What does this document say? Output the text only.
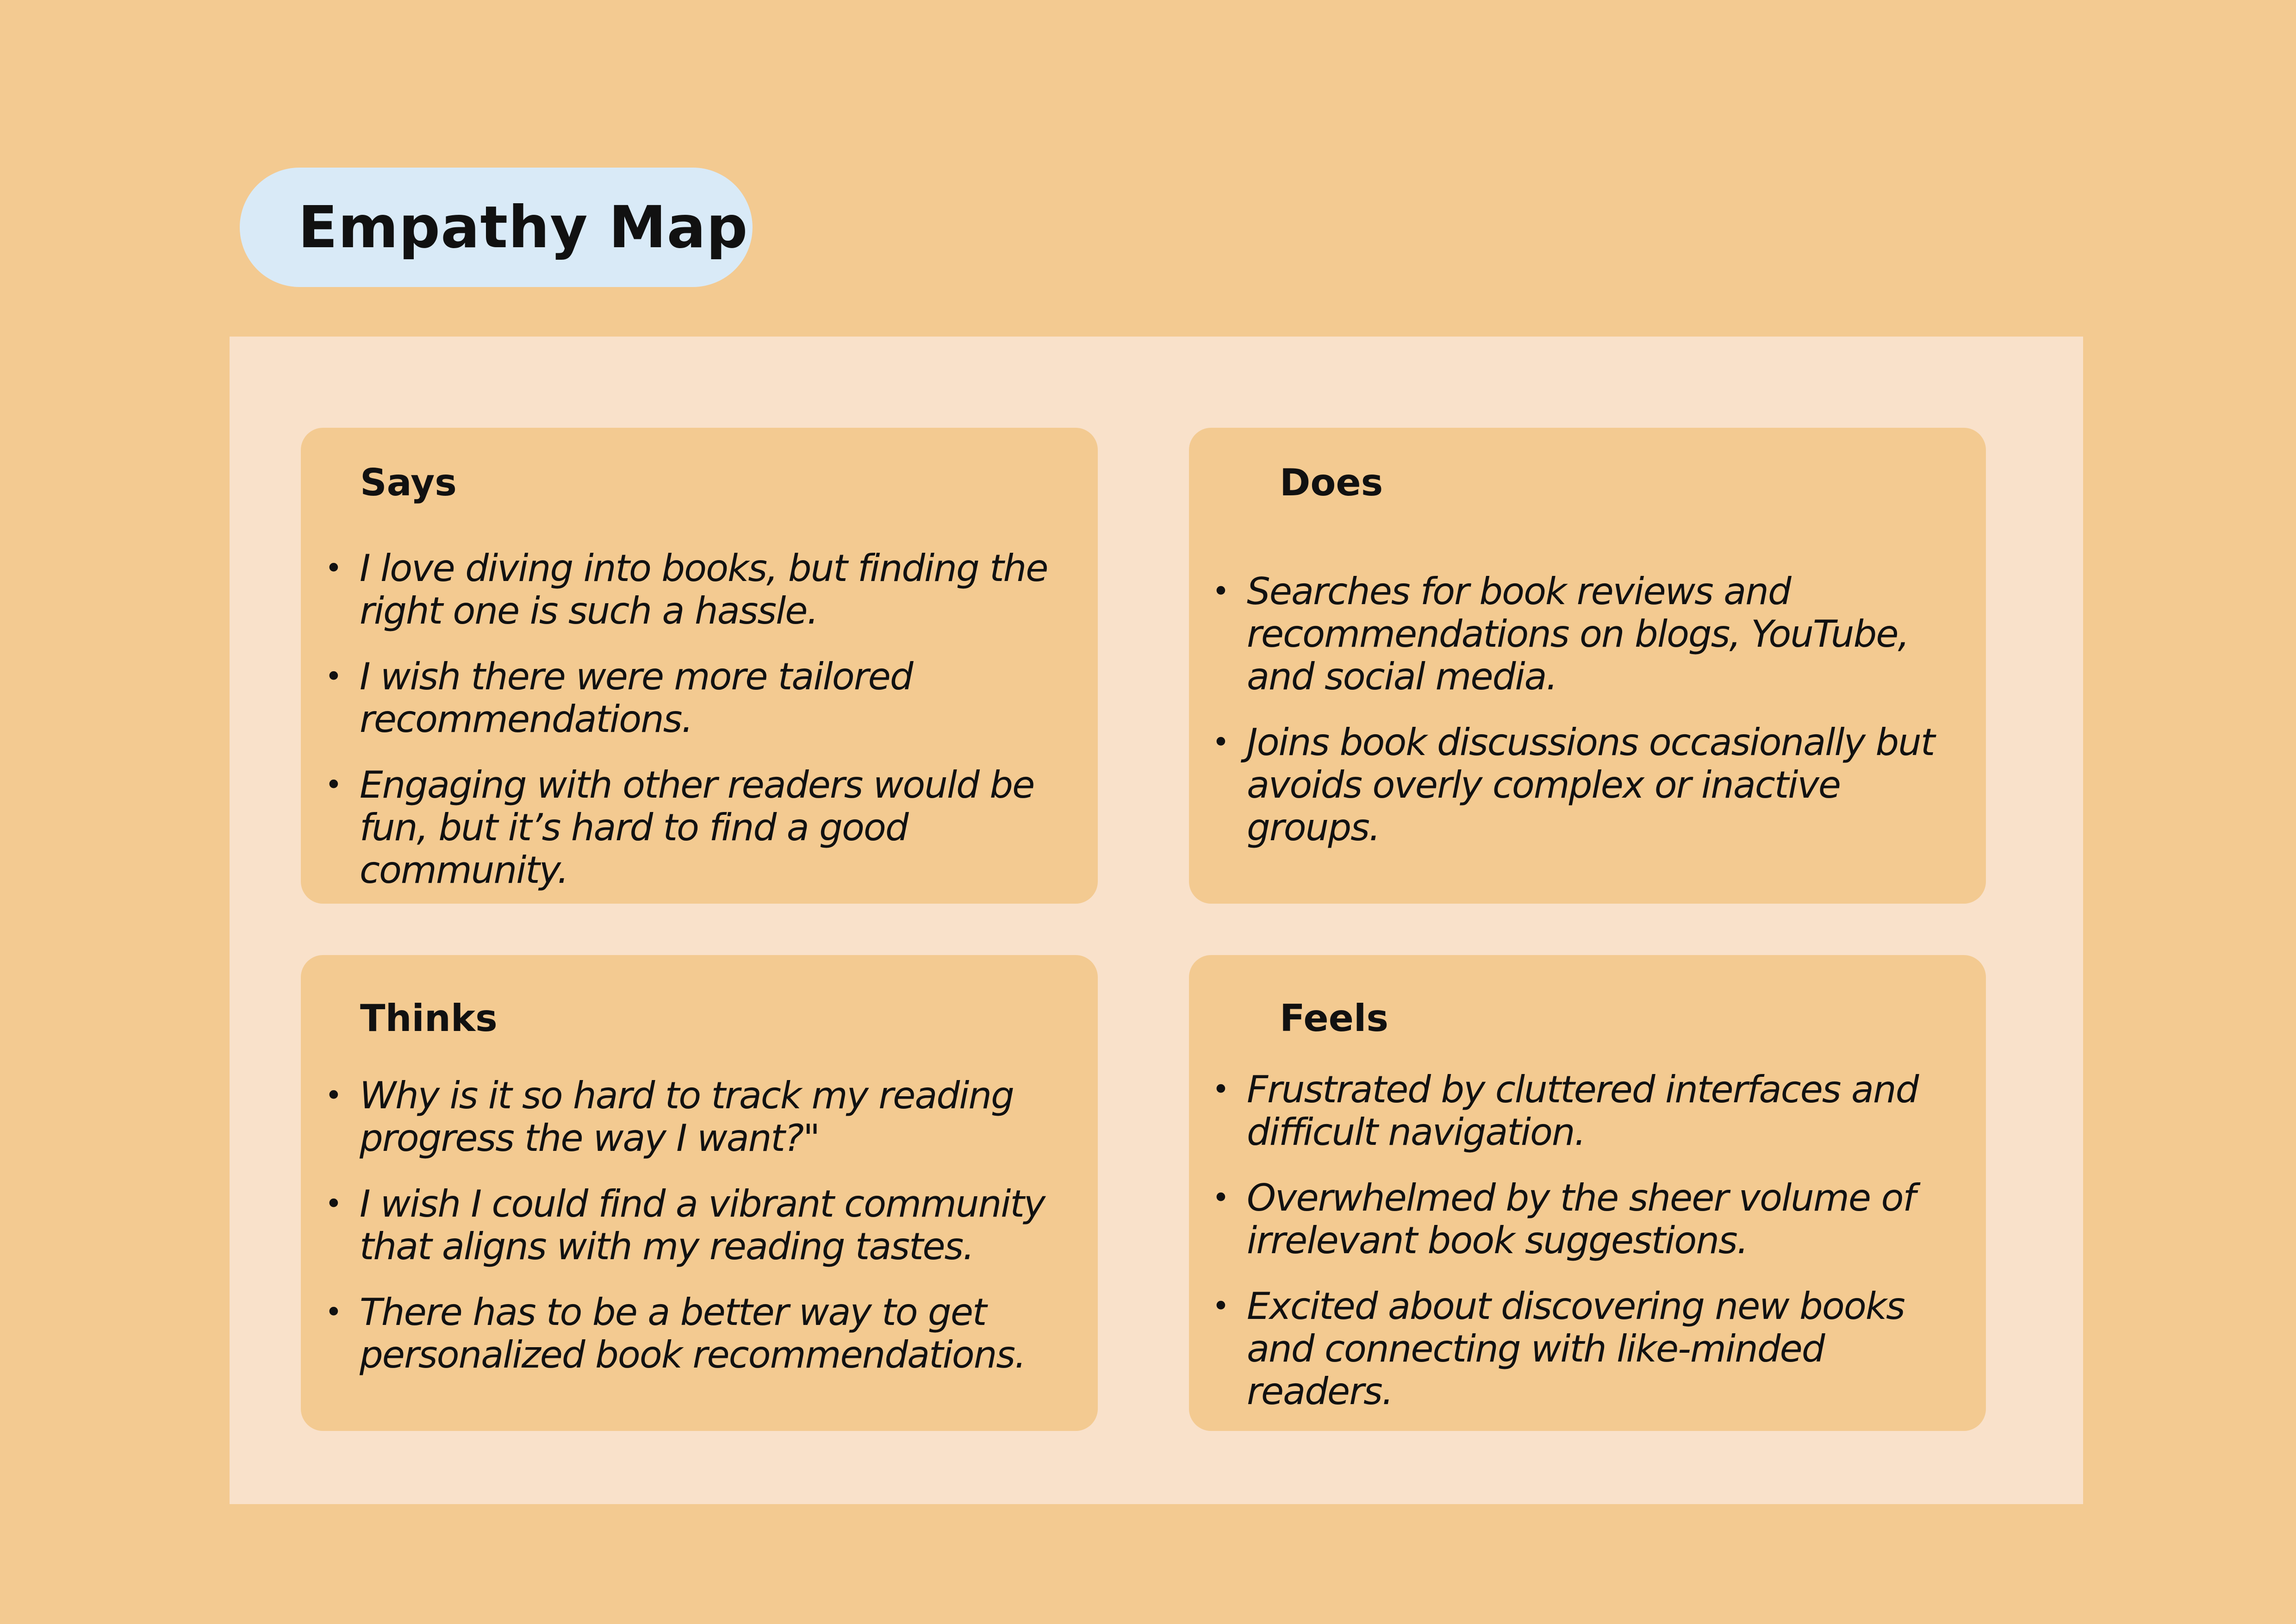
Empathy Map
Says
• I love diving into books, but finding the right one is such a hassle.
• I wish there were more tailored recommendations.
• Engaging with other readers would be fun, but it’s hard to find a good community.
Does
• Searches for book reviews and recommendations on blogs, YouTube, and social media.
• Joins book discussions occasionally but avoids overly complex or inactive groups.
Thinks
• Why is it so hard to track my reading progress the way I want?"
• I wish I could find a vibrant community that aligns with my reading tastes.
• There has to be a better way to get personalized book recommendations.
Feels
• Frustrated by cluttered interfaces and difficult navigation.
• Overwhelmed by the sheer volume of irrelevant book suggestions.
• Excited about discovering new books and connecting with like-minded readers.
